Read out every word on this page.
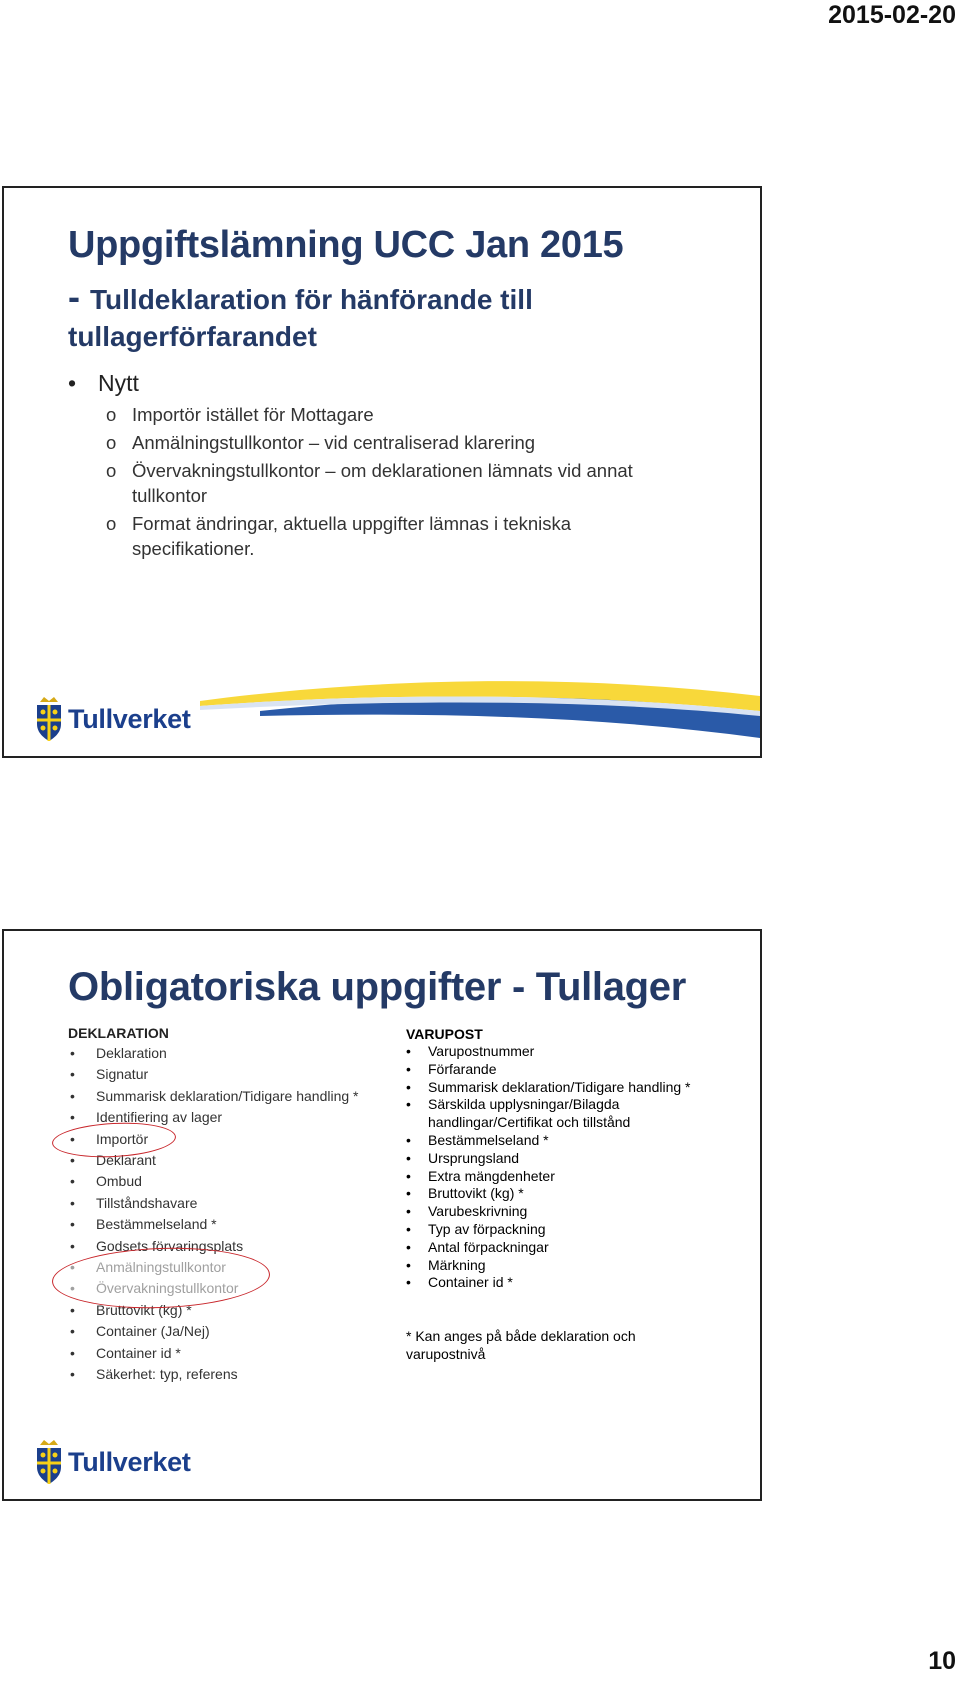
2015-02-20
Uppgiftslämning UCC Jan 2015
- Tulldeklaration för hänförande till tullagerförfarandet
• Nytt
o Importör istället för Mottagare
o Anmälningstullkontor – vid centraliserad klarering
o Övervakningstullkontor – om deklarationen lämnats vid annat tullkontor
o Format ändringar, aktuella uppgifter lämnas i tekniska specifikationer.
Tullverket
Obligatoriska uppgifter - Tullager
DEKLARATION
• Deklaration
• Signatur
• Summarisk deklaration/Tidigare handling *
• Identifiering av lager
• Importör
• Deklarant
• Ombud
• Tillståndshavare
• Bestämmelseland *
• Godsets förvaringsplats
• Anmälningstullkontor
• Övervakningstullkontor
• Bruttovikt (kg) *
• Container (Ja/Nej)
• Container id *
• Säkerhet: typ, referens
VARUPOST
• Varupostnummer
• Förfarande
• Summarisk deklaration/Tidigare handling *
• Särskilda upplysningar/Bilagda handlingar/Certifikat och tillstånd
• Bestämmelseland *
• Ursprungsland
• Extra mängdenheter
• Bruttovikt (kg) *
• Varubeskrivning
• Typ av förpackning
• Antal förpackningar
• Märkning
• Container id *
* Kan anges på både deklaration och varupostnivå
Tullverket
10
